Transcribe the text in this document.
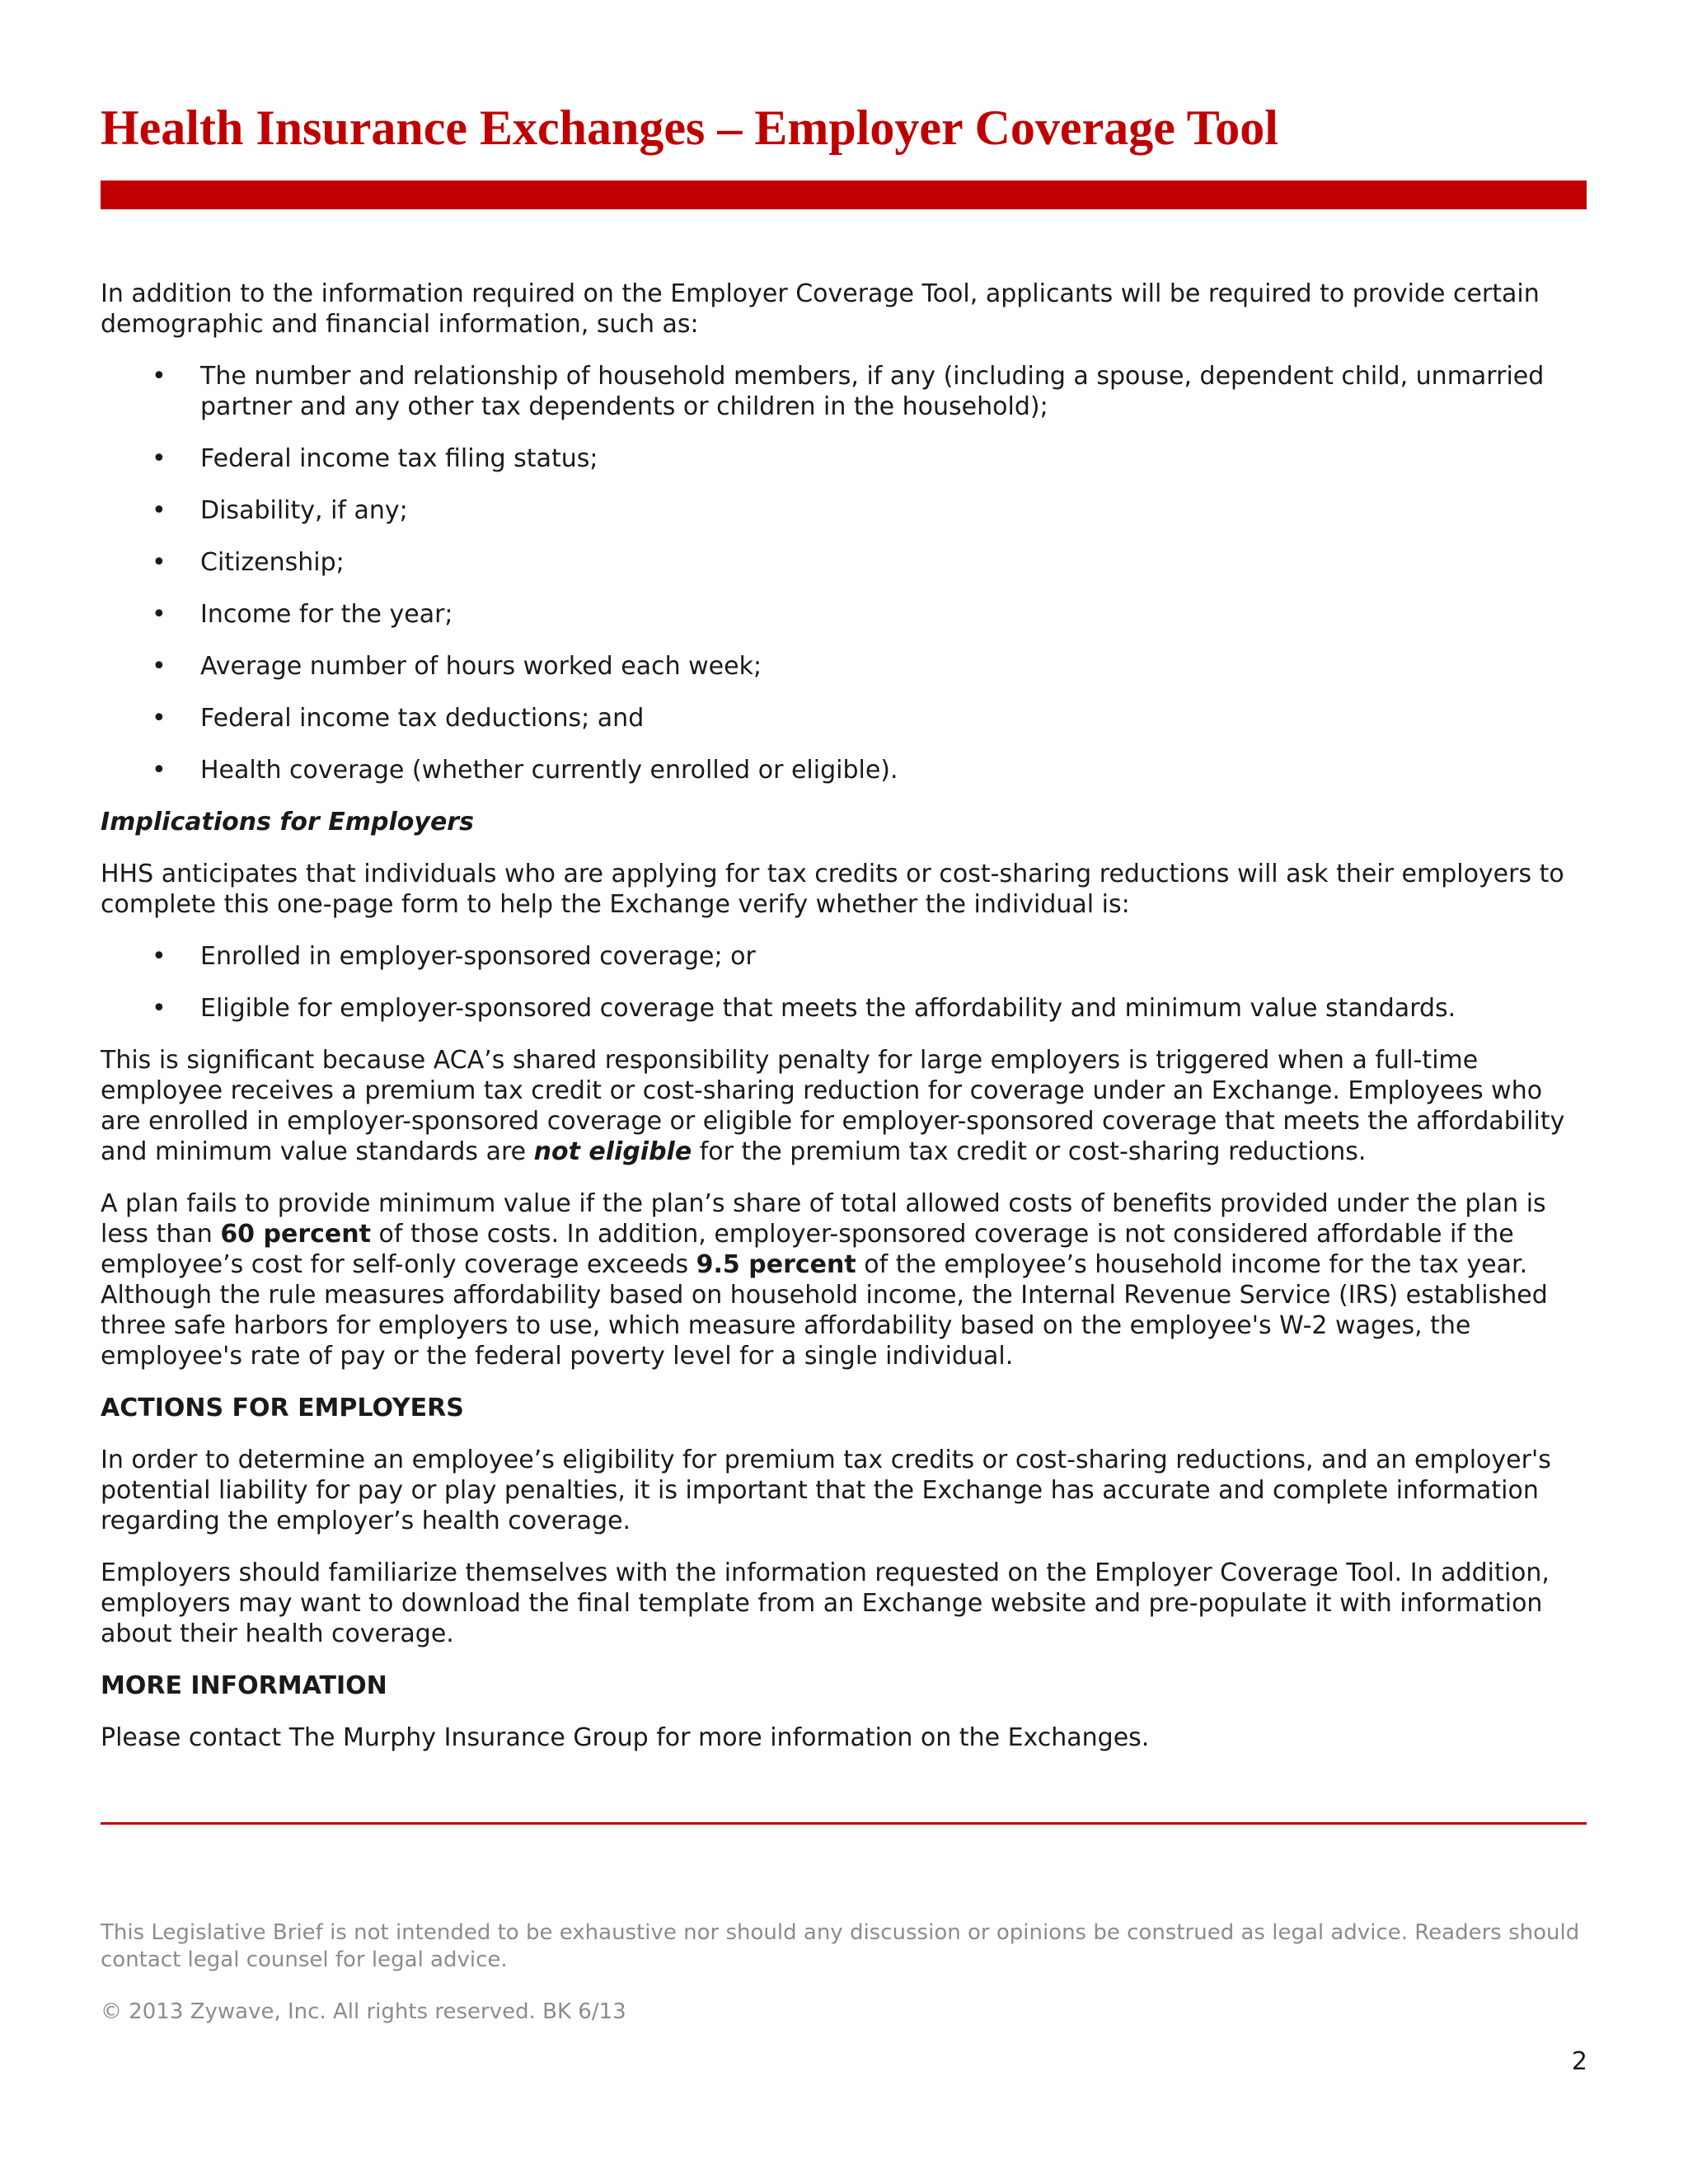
Health Insurance Exchanges – Employer Coverage Tool

In addition to the information required on the Employer Coverage Tool, applicants will be required to provide certain demographic and financial information, such as:

• The number and relationship of household members, if any (including a spouse, dependent child, unmarried partner and any other tax dependents or children in the household);
• Federal income tax filing status;
• Disability, if any;
• Citizenship;
• Income for the year;
• Average number of hours worked each week;
• Federal income tax deductions; and
• Health coverage (whether currently enrolled or eligible).

Implications for Employers

HHS anticipates that individuals who are applying for tax credits or cost-sharing reductions will ask their employers to complete this one-page form to help the Exchange verify whether the individual is:

• Enrolled in employer-sponsored coverage; or
• Eligible for employer-sponsored coverage that meets the affordability and minimum value standards.

This is significant because ACA’s shared responsibility penalty for large employers is triggered when a full-time employee receives a premium tax credit or cost-sharing reduction for coverage under an Exchange. Employees who are enrolled in employer-sponsored coverage or eligible for employer-sponsored coverage that meets the affordability and minimum value standards are not eligible for the premium tax credit or cost-sharing reductions.

A plan fails to provide minimum value if the plan’s share of total allowed costs of benefits provided under the plan is less than 60 percent of those costs. In addition, employer-sponsored coverage is not considered affordable if the employee’s cost for self-only coverage exceeds 9.5 percent of the employee’s household income for the tax year. Although the rule measures affordability based on household income, the Internal Revenue Service (IRS) established three safe harbors for employers to use, which measure affordability based on the employee's W-2 wages, the employee's rate of pay or the federal poverty level for a single individual.

ACTIONS FOR EMPLOYERS

In order to determine an employee’s eligibility for premium tax credits or cost-sharing reductions, and an employer's potential liability for pay or play penalties, it is important that the Exchange has accurate and complete information regarding the employer’s health coverage.

Employers should familiarize themselves with the information requested on the Employer Coverage Tool. In addition, employers may want to download the final template from an Exchange website and pre-populate it with information about their health coverage.

MORE INFORMATION

Please contact The Murphy Insurance Group for more information on the Exchanges.

This Legislative Brief is not intended to be exhaustive nor should any discussion or opinions be construed as legal advice. Readers should contact legal counsel for legal advice.

© 2013 Zywave, Inc. All rights reserved. BK 6/13

2
